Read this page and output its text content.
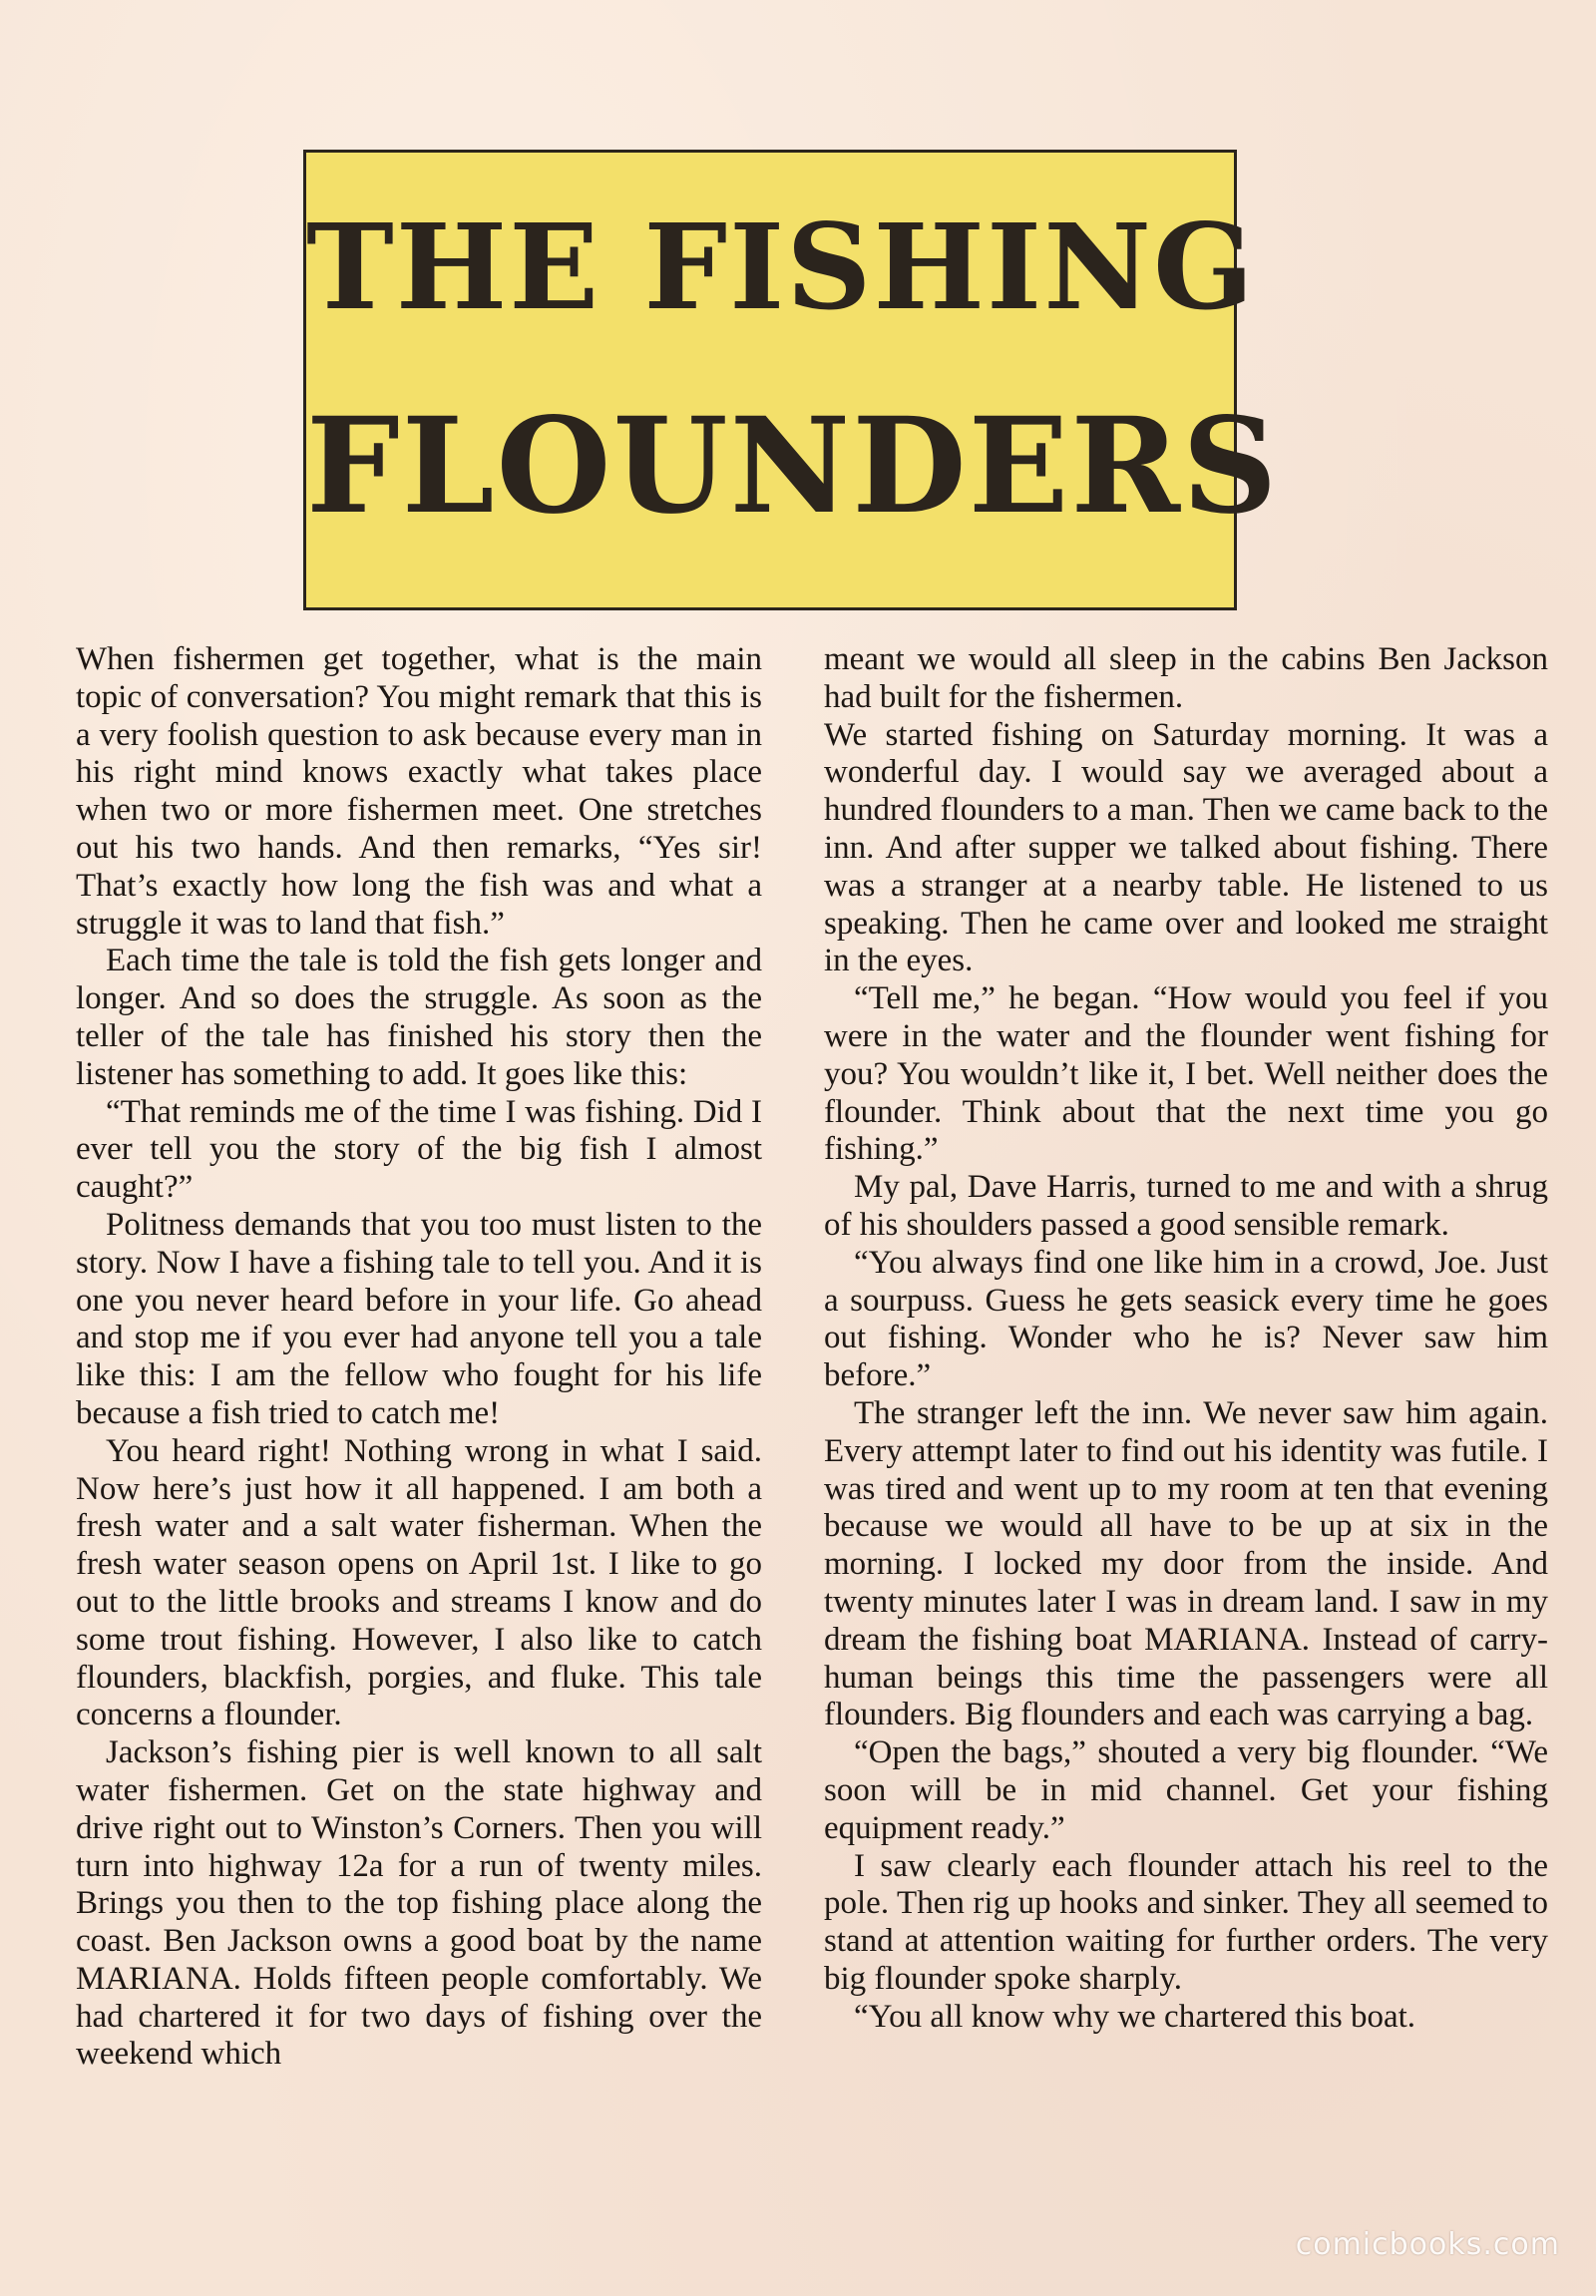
THE FISHING
FLOUNDERS

When fishermen get together, what is the main topic of conversation? You might remark that this is a very foolish question to ask because every man in his right mind knows exactly what takes place when two or more fishermen meet. One stretches out his two hands. And then remarks, “Yes sir! That’s exactly how long the fish was and what a struggle it was to land that fish.”

Each time the tale is told the fish gets longer and longer. And so does the struggle. As soon as the teller of the tale has finished his story then the listener has something to add. It goes like this:

“That reminds me of the time I was fishing. Did I ever tell you the story of the big fish I almost caught?”

Politness demands that you too must listen to the story. Now I have a fishing tale to tell you. And it is one you never heard before in your life. Go ahead and stop me if you ever had anyone tell you a tale like this: I am the fellow who fought for his life because a fish tried to catch me!

You heard right! Nothing wrong in what I said. Now here’s just how it all happened. I am both a fresh water and a salt water fisherman. When the fresh water season opens on April 1st. I like to go out to the little brooks and streams I know and do some trout fishing. However, I also like to catch flounders, blackfish, porgies, and fluke. This tale concerns a flounder.

Jackson’s fishing pier is well known to all salt water fishermen. Get on the state highway and drive right out to Winston’s Corners. Then you will turn into highway 12a for a run of twenty miles. Brings you then to the top fishing place along the coast. Ben Jackson owns a good boat by the name MARIANA. Holds fifteen people comfortably. We had chartered it for two days of fishing over the weekend which

meant we would all sleep in the cabins Ben Jackson had built for the fishermen.

We started fishing on Saturday morning. It was a wonderful day. I would say we averaged about a hundred flounders to a man. Then we came back to the inn. And after supper we talked about fishing. There was a stranger at a nearby table. He listened to us speaking. Then he came over and looked me straight in the eyes.

“Tell me,” he began. “How would you feel if you were in the water and the flounder went fishing for you? You wouldn’t like it, I bet. Well neither does the flounder. Think about that the next time you go fishing.”

My pal, Dave Harris, turned to me and with a shrug of his shoulders passed a good sensible remark.

“You always find one like him in a crowd, Joe. Just a sourpuss. Guess he gets seasick every time he goes out fishing. Wonder who he is? Never saw him before.”

The stranger left the inn. We never saw him again. Every attempt later to find out his identity was futile. I was tired and went up to my room at ten that evening because we would all have to be up at six in the morning. I locked my door from the inside. And twenty minutes later I was in dream land. I saw in my dream the fishing boat MARIANA. Instead of carry-human beings this time the passengers were all flounders. Big flounders and each was carrying a bag.

“Open the bags,” shouted a very big flounder. “We soon will be in mid channel. Get your fishing equipment ready.”

I saw clearly each flounder attach his reel to the pole. Then rig up hooks and sinker. They all seemed to stand at attention waiting for further orders. The very big flounder spoke sharply.

“You all know why we chartered this boat.

comicbooks.com
